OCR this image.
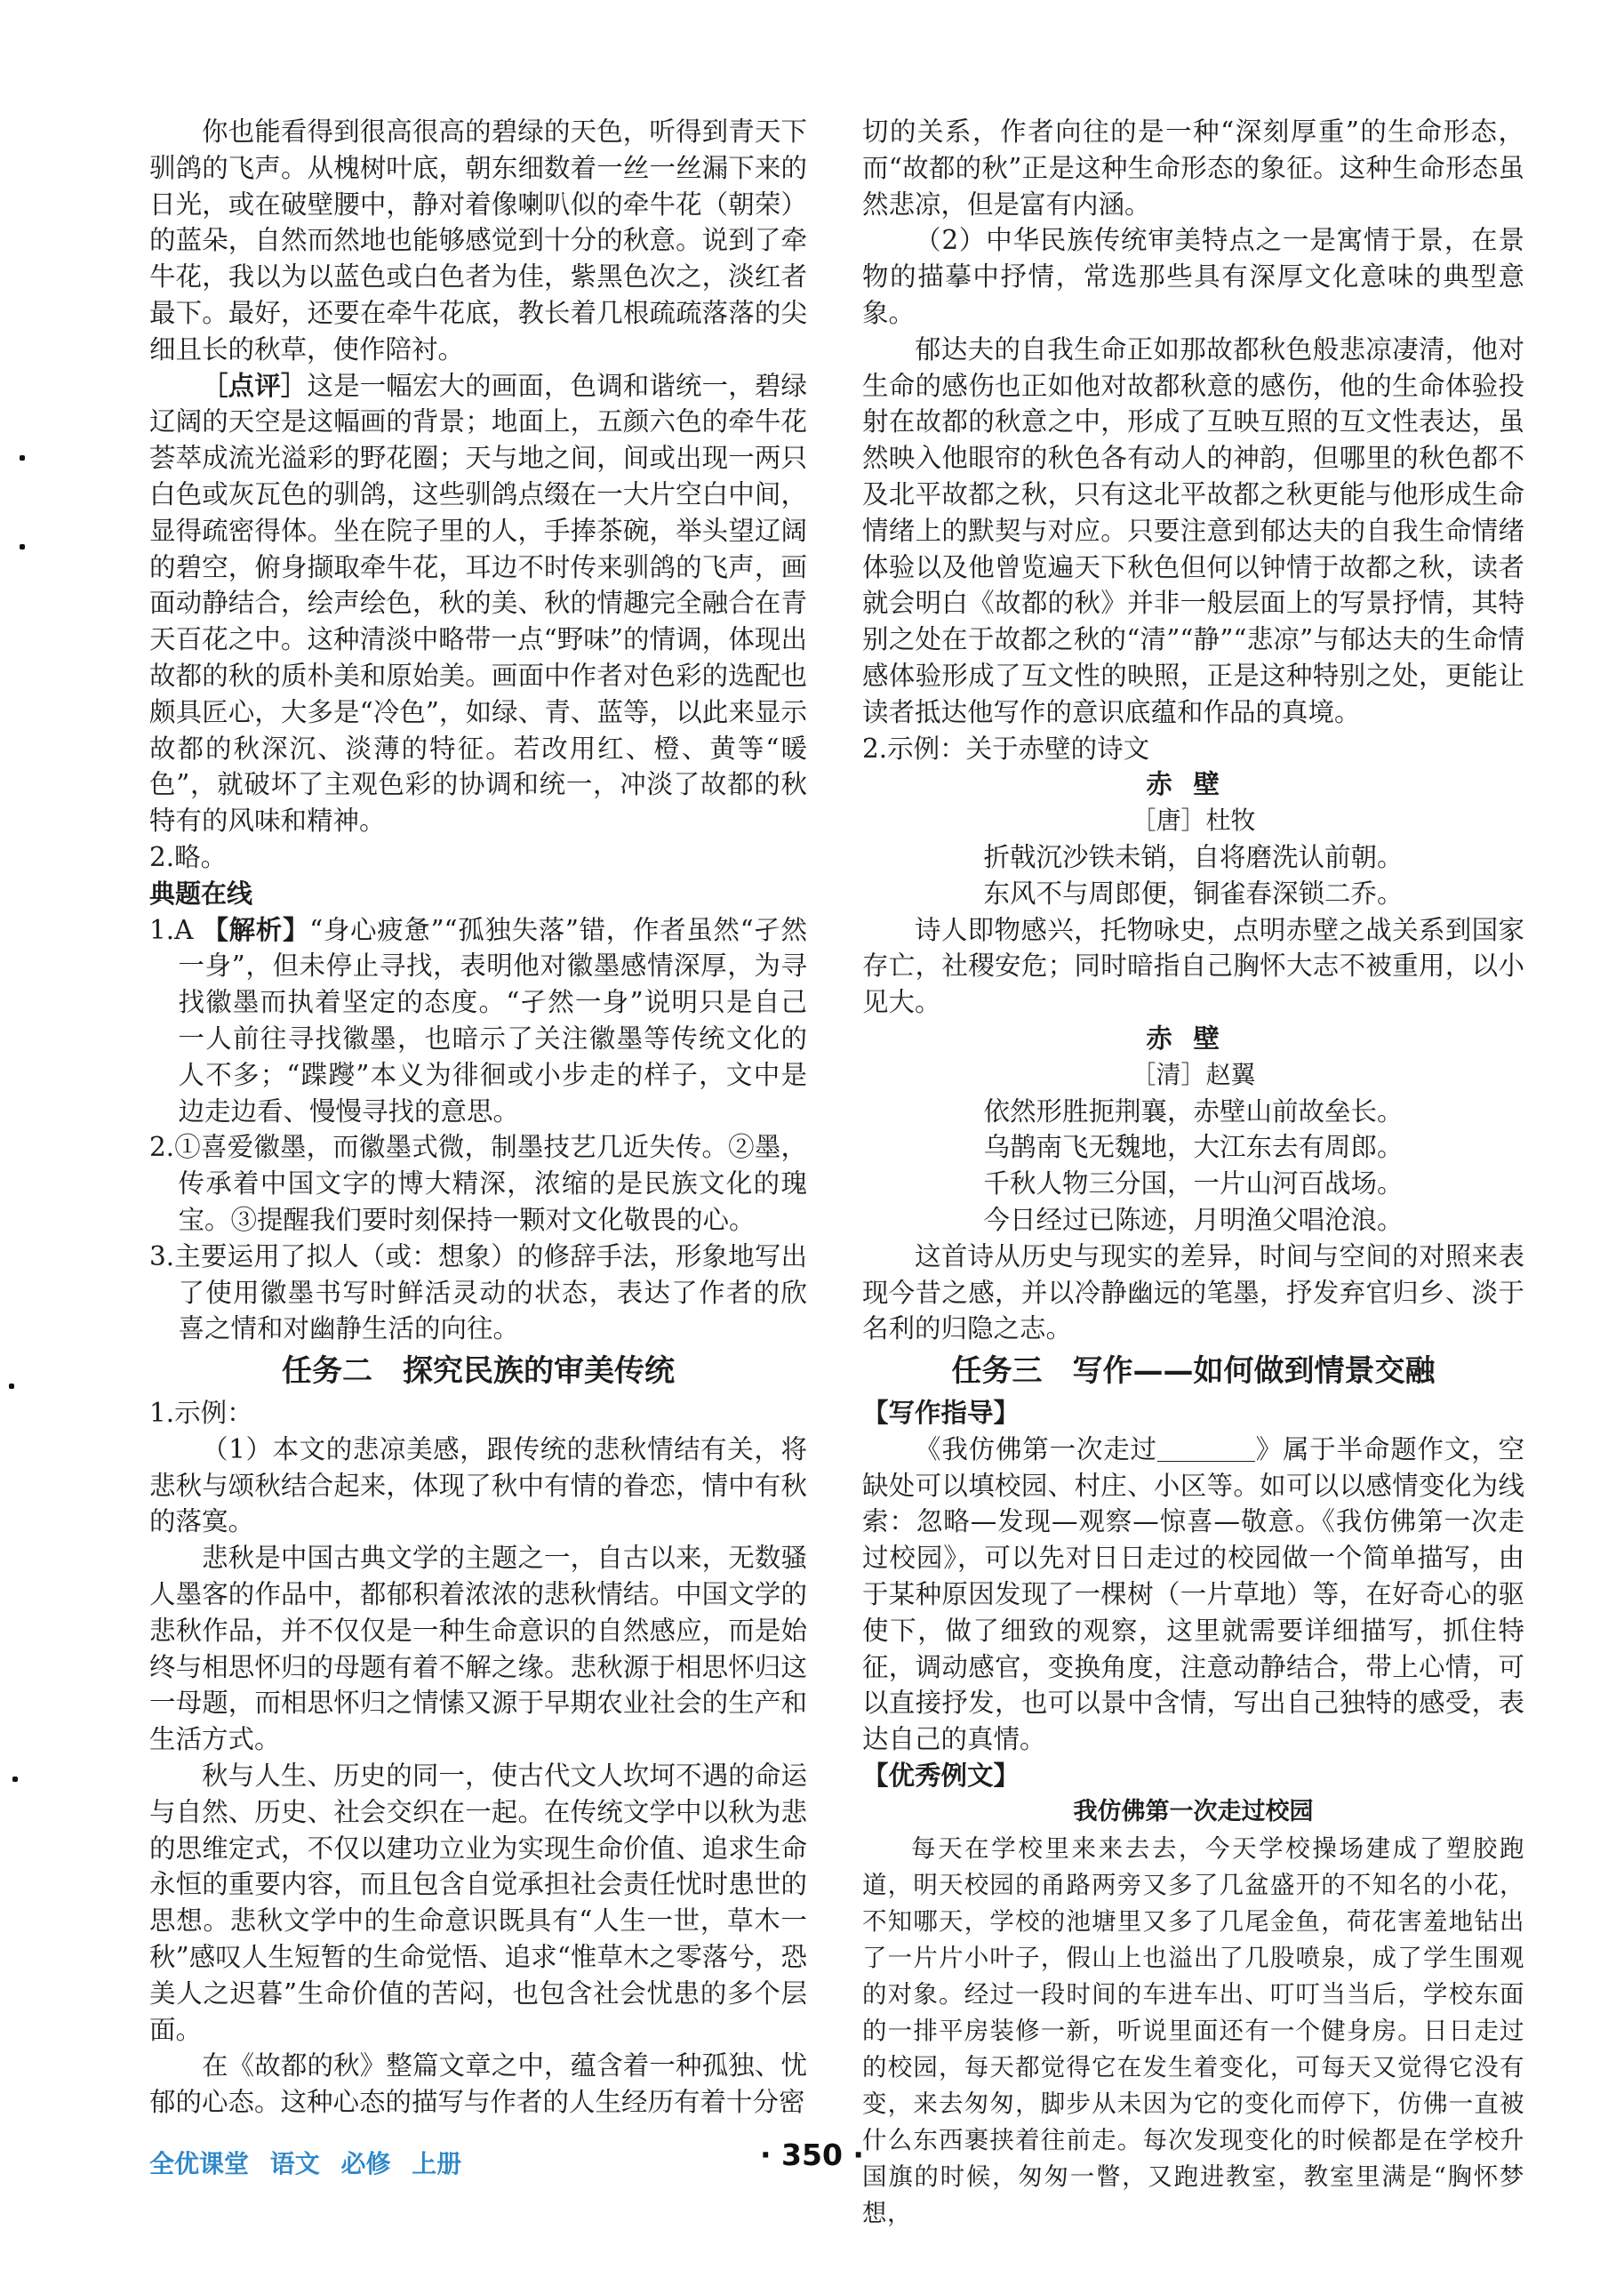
你也能看得到很高很高的碧绿的天色，听得到青天下驯鸽的飞声。从槐树叶底，朝东细数着一丝一丝漏下来的日光，或在破壁腰中，静对着像喇叭似的牵牛花（朝荣）的蓝朵，自然而然地也能够感觉到十分的秋意。说到了牵牛花，我以为以蓝色或白色者为佳，紫黑色次之，淡红者最下。最好，还要在牵牛花底，教长着几根疏疏落落的尖细且长的秋草，使作陪衬。

［点评］这是一幅宏大的画面，色调和谐统一，碧绿辽阔的天空是这幅画的背景；地面上，五颜六色的牵牛花荟萃成流光溢彩的野花圈；天与地之间，间或出现一两只白色或灰瓦色的驯鸽，这些驯鸽点缀在一大片空白中间，显得疏密得体。坐在院子里的人，手捧茶碗，举头望辽阔的碧空，俯身撷取牵牛花，耳边不时传来驯鸽的飞声，画面动静结合，绘声绘色，秋的美、秋的情趣完全融合在青天百花之中。这种清淡中略带一点“野味”的情调，体现出故都的秋的质朴美和原始美。画面中作者对色彩的选配也颇具匠心，大多是“冷色”，如绿、青、蓝等，以此来显示故都的秋深沉、淡薄的特征。若改用红、橙、黄等“暖色”，就破坏了主观色彩的协调和统一，冲淡了故都的秋特有的风味和精神。

2.略。

典题在线

1.A 【解析】“身心疲惫”“孤独失落”错，作者虽然“孑然一身”，但未停止寻找，表明他对徽墨感情深厚，为寻找徽墨而执着坚定的态度。“孑然一身”说明只是自己一人前往寻找徽墨，也暗示了关注徽墨等传统文化的人不多；“蹀躞”本义为徘徊或小步走的样子，文中是边走边看、慢慢寻找的意思。

2.①喜爱徽墨，而徽墨式微，制墨技艺几近失传。②墨，传承着中国文字的博大精深，浓缩的是民族文化的瑰宝。③提醒我们要时刻保持一颗对文化敬畏的心。

3.主要运用了拟人（或：想象）的修辞手法，形象地写出了使用徽墨书写时鲜活灵动的状态，表达了作者的欣喜之情和对幽静生活的向往。

任务二　探究民族的审美传统

1.示例：

（1）本文的悲凉美感，跟传统的悲秋情结有关，将悲秋与颂秋结合起来，体现了秋中有情的眷恋，情中有秋的落寞。

悲秋是中国古典文学的主题之一，自古以来，无数骚人墨客的作品中，都郁积着浓浓的悲秋情结。中国文学的悲秋作品，并不仅仅是一种生命意识的自然感应，而是始终与相思怀归的母题有着不解之缘。悲秋源于相思怀归这一母题，而相思怀归之情愫又源于早期农业社会的生产和生活方式。

秋与人生、历史的同一，使古代文人坎坷不遇的命运与自然、历史、社会交织在一起。在传统文学中以秋为悲的思维定式，不仅以建功立业为实现生命价值、追求生命永恒的重要内容，而且包含自觉承担社会责任忧时患世的思想。悲秋文学中的生命意识既具有“人生一世，草木一秋”感叹人生短暂的生命觉悟、追求“惟草木之零落兮，恐美人之迟暮”生命价值的苦闷，也包含社会忧患的多个层面。

在《故都的秋》整篇文章之中，蕴含着一种孤独、忧郁的心态。这种心态的描写与作者的人生经历有着十分密

切的关系，作者向往的是一种“深刻厚重”的生命形态，而“故都的秋”正是这种生命形态的象征。这种生命形态虽然悲凉，但是富有内涵。

（2）中华民族传统审美特点之一是寓情于景，在景物的描摹中抒情，常选那些具有深厚文化意味的典型意象。

郁达夫的自我生命正如那故都秋色般悲凉凄清，他对生命的感伤也正如他对故都秋意的感伤，他的生命体验投射在故都的秋意之中，形成了互映互照的互文性表达，虽然映入他眼帘的秋色各有动人的神韵，但哪里的秋色都不及北平故都之秋，只有这北平故都之秋更能与他形成生命情绪上的默契与对应。只要注意到郁达夫的自我生命情绪体验以及他曾览遍天下秋色但何以钟情于故都之秋，读者就会明白《故都的秋》并非一般层面上的写景抒情，其特别之处在于故都之秋的“清”“静”“悲凉”与郁达夫的生命情感体验形成了互文性的映照，正是这种特别之处，更能让读者抵达他写作的意识底蕴和作品的真境。

2.示例：关于赤壁的诗文

赤壁

［唐］杜牧

折戟沉沙铁未销，自将磨洗认前朝。

东风不与周郎便，铜雀春深锁二乔。

诗人即物感兴，托物咏史，点明赤壁之战关系到国家存亡，社稷安危；同时暗指自己胸怀大志不被重用，以小见大。

赤壁

［清］赵翼

依然形胜扼荆襄，赤壁山前故垒长。

乌鹊南飞无魏地，大江东去有周郎。

千秋人物三分国，一片山河百战场。

今日经过已陈迹，月明渔父唱沧浪。

这首诗从历史与现实的差异，时间与空间的对照来表现今昔之感，并以冷静幽远的笔墨，抒发弃官归乡、淡于名利的归隐之志。

任务三　写作——如何做到情景交融

【写作指导】

《我仿佛第一次走过	》属于半命题作文，空缺处可以填校园、村庄、小区等。如可以以感情变化为线索：忽略—发现—观察—惊喜—敬意。《我仿佛第一次走过校园》，可以先对日日走过的校园做一个简单描写，由于某种原因发现了一棵树（一片草地）等，在好奇心的驱使下，做了细致的观察，这里就需要详细描写，抓住特征，调动感官，变换角度，注意动静结合，带上心情，可以直接抒发，也可以景中含情，写出自己独特的感受，表达自己的真情。

【优秀例文】

我仿佛第一次走过校园

每天在学校里来来去去，今天学校操场建成了塑胶跑道，明天校园的甬路两旁又多了几盆盛开的不知名的小花，不知哪天，学校的池塘里又多了几尾金鱼，荷花害羞地钻出了一片片小叶子，假山上也溢出了几股喷泉，成了学生围观的对象。经过一段时间的车进车出、叮叮当当后，学校东面的一排平房装修一新，听说里面还有一个健身房。日日走过的校园，每天都觉得它在发生着变化，可每天又觉得它没有变，来去匆匆，脚步从未因为它的变化而停下，仿佛一直被什么东西裹挟着往前走。每次发现变化的时候都是在学校升国旗的时候，匆匆一瞥，又跑进教室，教室里满是“胸怀梦想，

全优课堂 语文 必修 上册	· 350 ·
